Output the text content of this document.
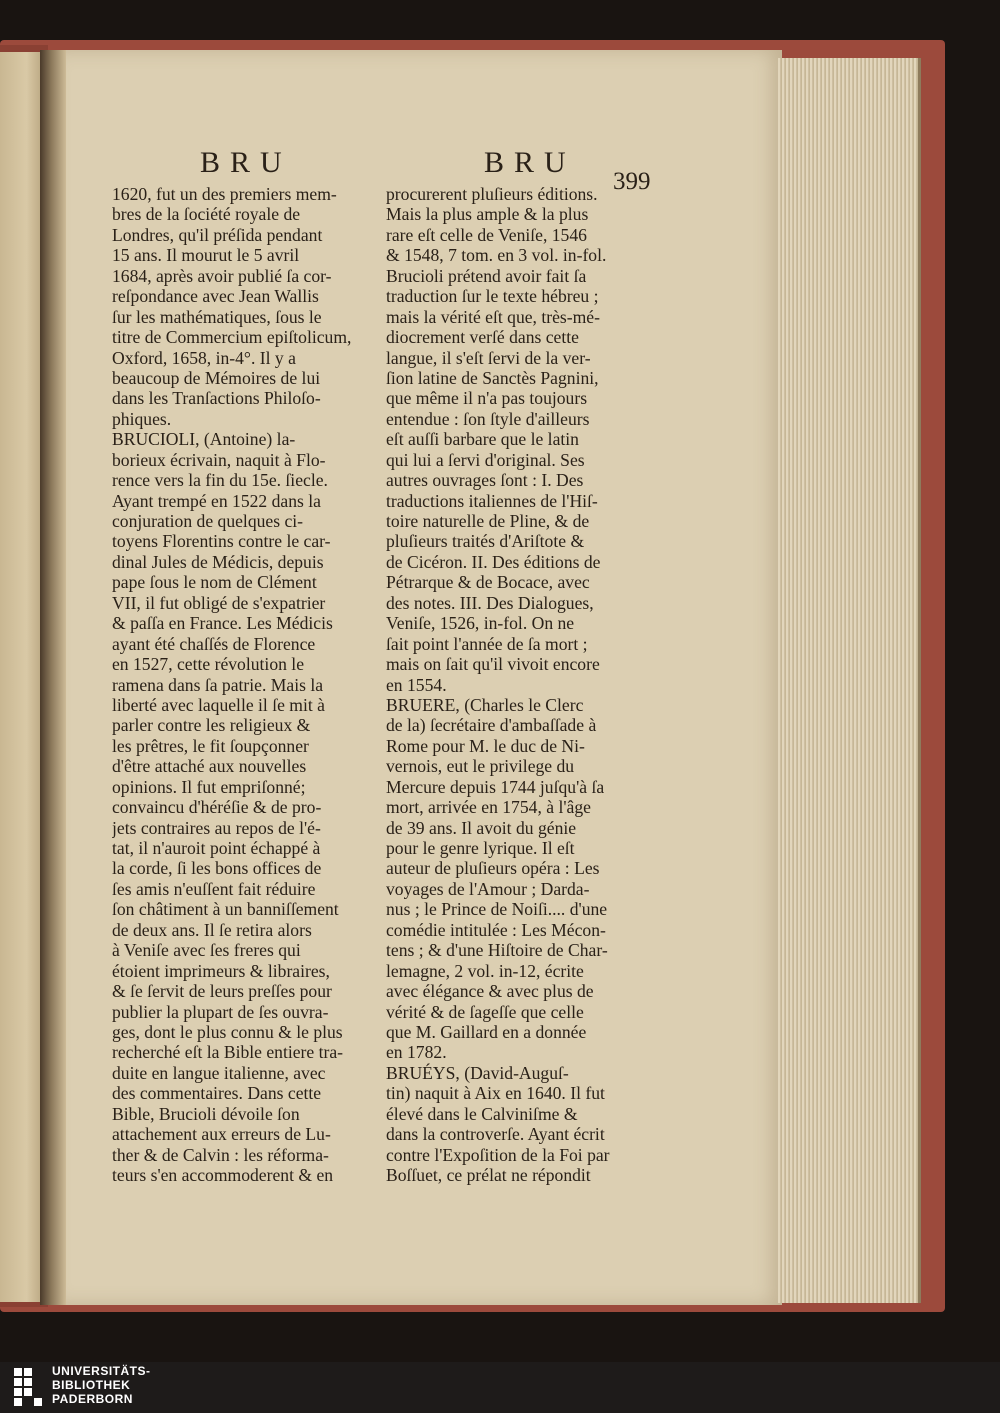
BRU	BRU
399
1620, fut un des premiers mem-
bres de la ſociété royale de
Londres, qu'il préſida pendant
15 ans. Il mourut le 5 avril
1684, après avoir publié ſa cor-
reſpondance avec Jean Wallis
ſur les mathématiques, ſous le
titre de Commercium epiſtolicum,
Oxford, 1658, in-4°. Il y a
beaucoup de Mémoires de lui
dans les Tranſactions Philoſo-
phiques.
BRUCIOLI, (Antoine) la-
borieux écrivain, naquit à Flo-
rence vers la fin du 15e. ſiecle.
Ayant trempé en 1522 dans la
conjuration de quelques ci-
toyens Florentins contre le car-
dinal Jules de Médicis, depuis
pape ſous le nom de Clément
VII, il fut obligé de s'expatrier
& paſſa en France. Les Médicis
ayant été chaſſés de Florence
en 1527, cette révolution le
ramena dans ſa patrie. Mais la
liberté avec laquelle il ſe mit à
parler contre les religieux &
les prêtres, le fit ſoupçonner
d'être attaché aux nouvelles
opinions. Il fut empriſonné;
convaincu d'héréſie & de pro-
jets contraires au repos de l'é-
tat, il n'auroit point échappé à
la corde, ſi les bons offices de
ſes amis n'euſſent fait réduire
ſon châtiment à un banniſſement
de deux ans. Il ſe retira alors
à Veniſe avec ſes freres qui
étoient imprimeurs & libraires,
& ſe ſervit de leurs preſſes pour
publier la plupart de ſes ouvra-
ges, dont le plus connu & le plus
recherché eſt la Bible entiere tra-
duite en langue italienne, avec
des commentaires. Dans cette
Bible, Brucioli dévoile ſon
attachement aux erreurs de Lu-
ther & de Calvin : les réforma-
teurs s'en accommoderent & en
procurerent pluſieurs éditions.
Mais la plus ample & la plus
rare eſt celle de Veniſe, 1546
& 1548, 7 tom. en 3 vol. in-fol.
Brucioli prétend avoir fait ſa
traduction ſur le texte hébreu ;
mais la vérité eſt que, très-mé-
diocrement verſé dans cette
langue, il s'eſt ſervi de la ver-
ſion latine de Sanctès Pagnini,
que même il n'a pas toujours
entendue : ſon ſtyle d'ailleurs
eſt auſſi barbare que le latin
qui lui a ſervi d'original. Ses
autres ouvrages ſont : I. Des
traductions italiennes de l'Hiſ-
toire naturelle de Pline, & de
pluſieurs traités d'Ariſtote &
de Cicéron. II. Des éditions de
Pétrarque & de Bocace, avec
des notes. III. Des Dialogues,
Veniſe, 1526, in-fol. On ne
ſait point l'année de ſa mort ;
mais on ſait qu'il vivoit encore
en 1554.
BRUERE, (Charles le Clerc
de la) ſecrétaire d'ambaſſade à
Rome pour M. le duc de Ni-
vernois, eut le privilege du
Mercure depuis 1744 juſqu'à ſa
mort, arrivée en 1754, à l'âge
de 39 ans. Il avoit du génie
pour le genre lyrique. Il eſt
auteur de pluſieurs opéra : Les
voyages de l'Amour ; Darda-
nus ; le Prince de Noiſi.... d'une
comédie intitulée : Les Mécon-
tens ; & d'une Hiſtoire de Char-
lemagne, 2 vol. in-12, écrite
avec élégance & avec plus de
vérité & de ſageſſe que celle
que M. Gaillard en a donnée
en 1782.
BRUÉYS, (David-Auguſ-
tin) naquit à Aix en 1640. Il fut
élevé dans le Calviniſme &
dans la controverſe. Ayant écrit
contre l'Expoſition de la Foi par
Boſſuet, ce prélat ne répondit
UNIVERSITÄTS-
BIBLIOTHEK
PADERBORN
